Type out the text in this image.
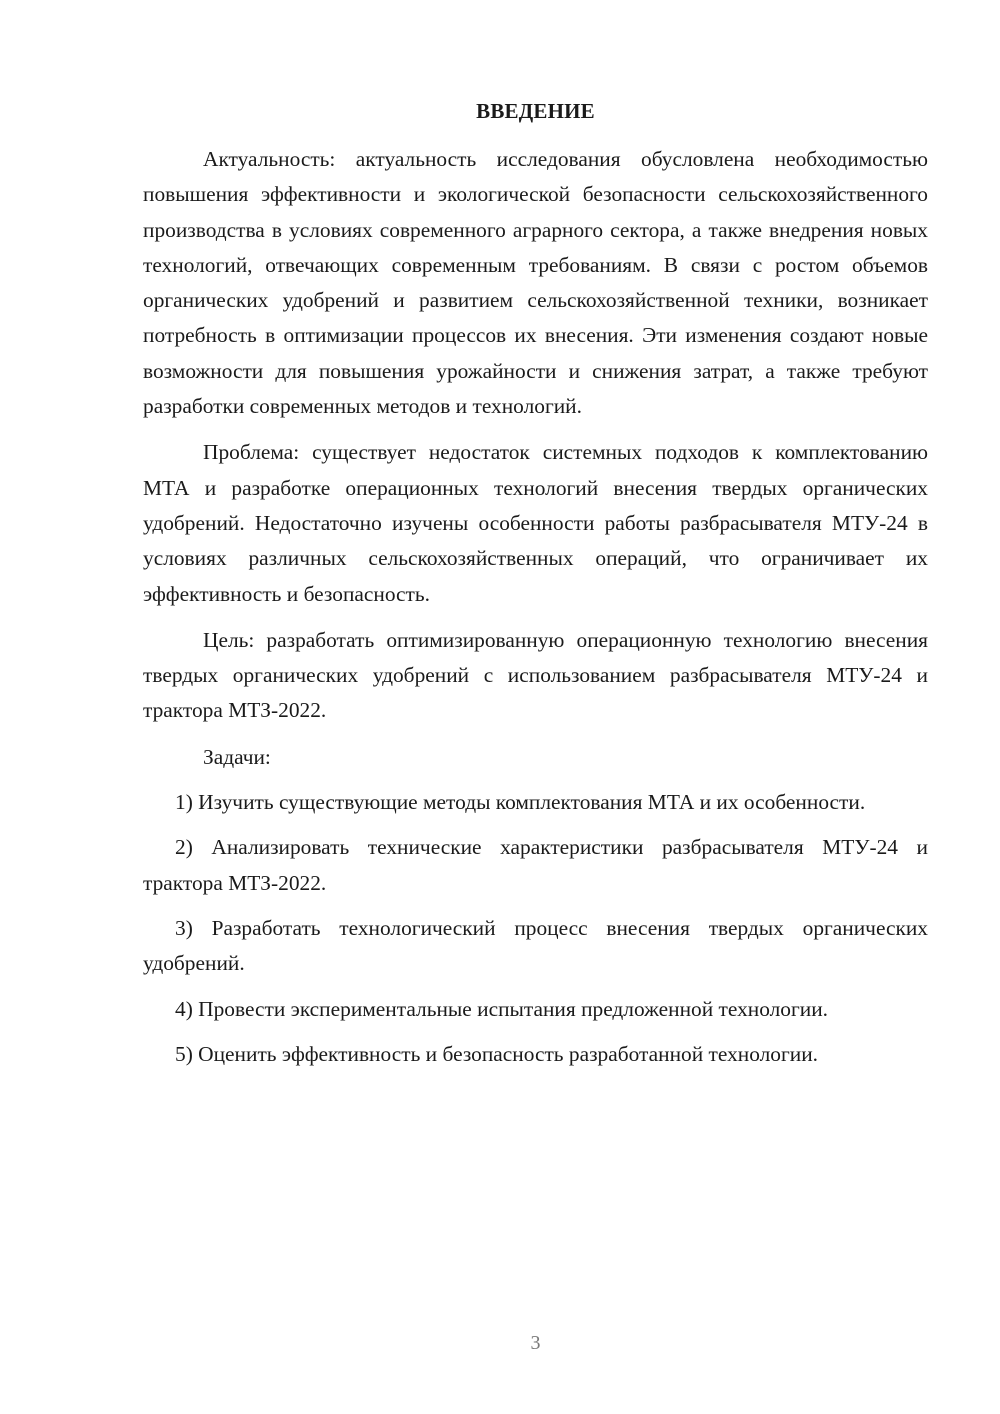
ВВЕДЕНИЕ

Актуальность: актуальность исследования обусловлена необходимостью повышения эффективности и экологической безопасности сельскохозяйственного производства в условиях современного аграрного сектора, а также внедрения новых технологий, отвечающих современным требованиям. В связи с ростом объемов органических удобрений и развитием сельскохозяйственной техники, возникает потребность в оптимизации процессов их внесения. Эти изменения создают новые возможности для повышения урожайности и снижения затрат, а также требуют разработки современных методов и технологий.

Проблема: существует недостаток системных подходов к комплектованию МТА и разработке операционных технологий внесения твердых органических удобрений. Недостаточно изучены особенности работы разбрасывателя МТУ-24 в условиях различных сельскохозяйственных операций, что ограничивает их эффективность и безопасность.

Цель: разработать оптимизированную операционную технологию внесения твердых органических удобрений с использованием разбрасывателя МТУ-24 и трактора МТЗ-2022.

Задачи:

1) Изучить существующие методы комплектования МТА и их особенности.

2) Анализировать технические характеристики разбрасывателя МТУ-24 и трактора МТЗ-2022.

3) Разработать технологический процесс внесения твердых органических удобрений.

4) Провести экспериментальные испытания предложенной технологии.

5) Оценить эффективность и безопасность разработанной технологии.

3
